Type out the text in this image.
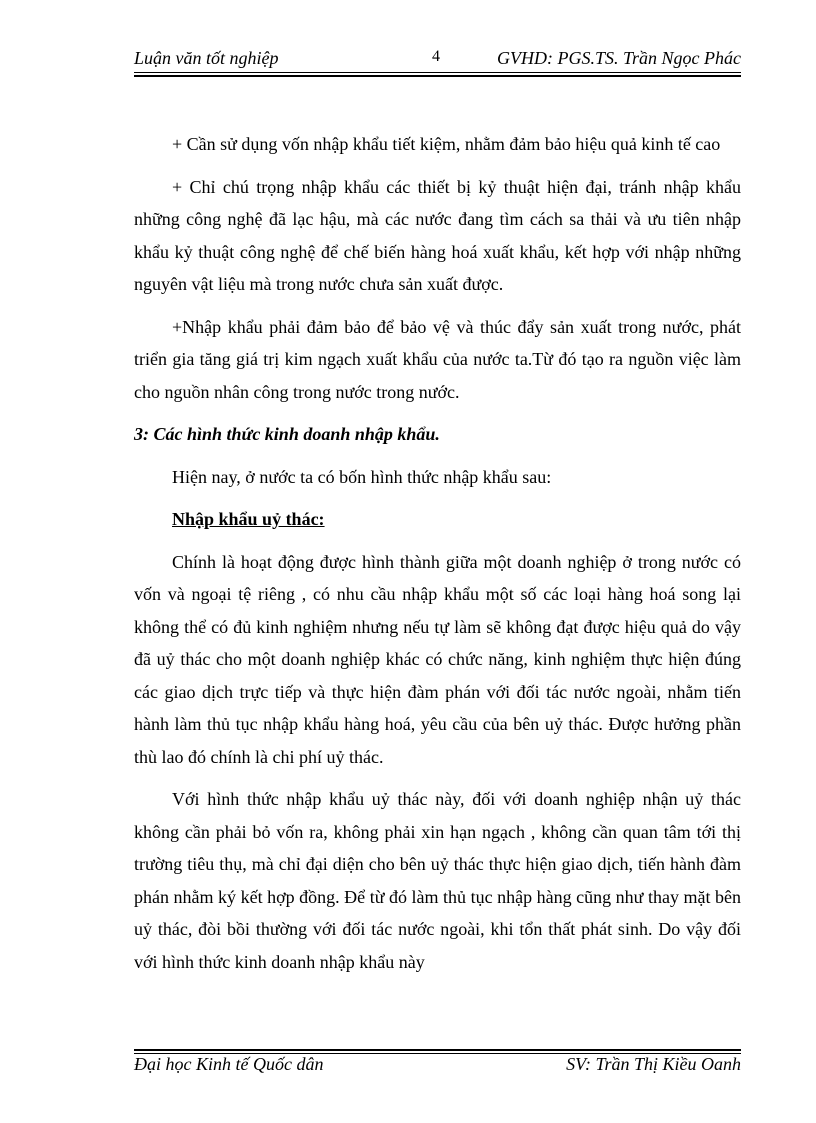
Luận văn tốt nghiệp	4	GVHD: PGS.TS. Trần Ngọc Phác

+ Cần sử dụng vốn nhập khẩu tiết kiệm, nhằm đảm bảo hiệu quả kinh tế cao

+ Chỉ chú trọng nhập khẩu các thiết bị kỷ thuật hiện đại, tránh nhập khẩu những công nghệ đã lạc hậu, mà các nước đang tìm cách sa thải và ưu tiên nhập khẩu kỷ thuật công nghệ để chế biến hàng hoá xuất khẩu, kết hợp với nhập những nguyên vật liệu mà trong nước chưa sản xuất được.

+Nhập khẩu phải đảm bảo để bảo vệ và thúc đẩy sản xuất trong nước, phát triển gia tăng giá trị kim ngạch xuất khẩu của nước ta.Từ đó tạo ra nguồn việc làm cho nguồn nhân công trong nước trong nước.

3: Các hình thức kinh doanh nhập khẩu.

Hiện nay, ở nước ta có bốn hình thức nhập khẩu sau:

Nhập khẩu uỷ thác:

Chính là hoạt động được hình thành giữa một doanh nghiệp ở trong nước có vốn và ngoại tệ riêng , có nhu cầu nhập khẩu một số các loại hàng hoá song lại không thể có đủ kinh nghiệm nhưng nếu tự làm sẽ không đạt được hiệu quả do vậy đã uỷ thác cho một doanh nghiệp khác có chức năng, kinh nghiệm thực hiện đúng các giao dịch trực tiếp và thực hiện đàm phán với đối tác nước ngoài, nhằm tiến hành làm thủ tục nhập khẩu hàng hoá, yêu cầu của bên uỷ thác. Được hưởng phần thù lao đó chính là chi phí uỷ thác.

Với hình thức nhập khẩu uỷ thác này, đối với doanh nghiệp nhận uỷ thác không cần phải bỏ vốn ra, không phải xin hạn ngạch , không cần quan tâm tới thị trường tiêu thụ, mà chỉ đại diện cho bên uỷ thác thực hiện giao dịch, tiến hành đàm phán nhằm ký kết hợp đồng. Để từ đó làm thủ tục nhập hàng cũng như thay mặt bên uỷ thác, đòi bồi thường với đối tác nước ngoài, khi tổn thất phát sinh. Do vậy đối với hình thức kinh doanh nhập khẩu này

Đại học Kinh tế Quốc dân	SV: Trần Thị Kiều Oanh
